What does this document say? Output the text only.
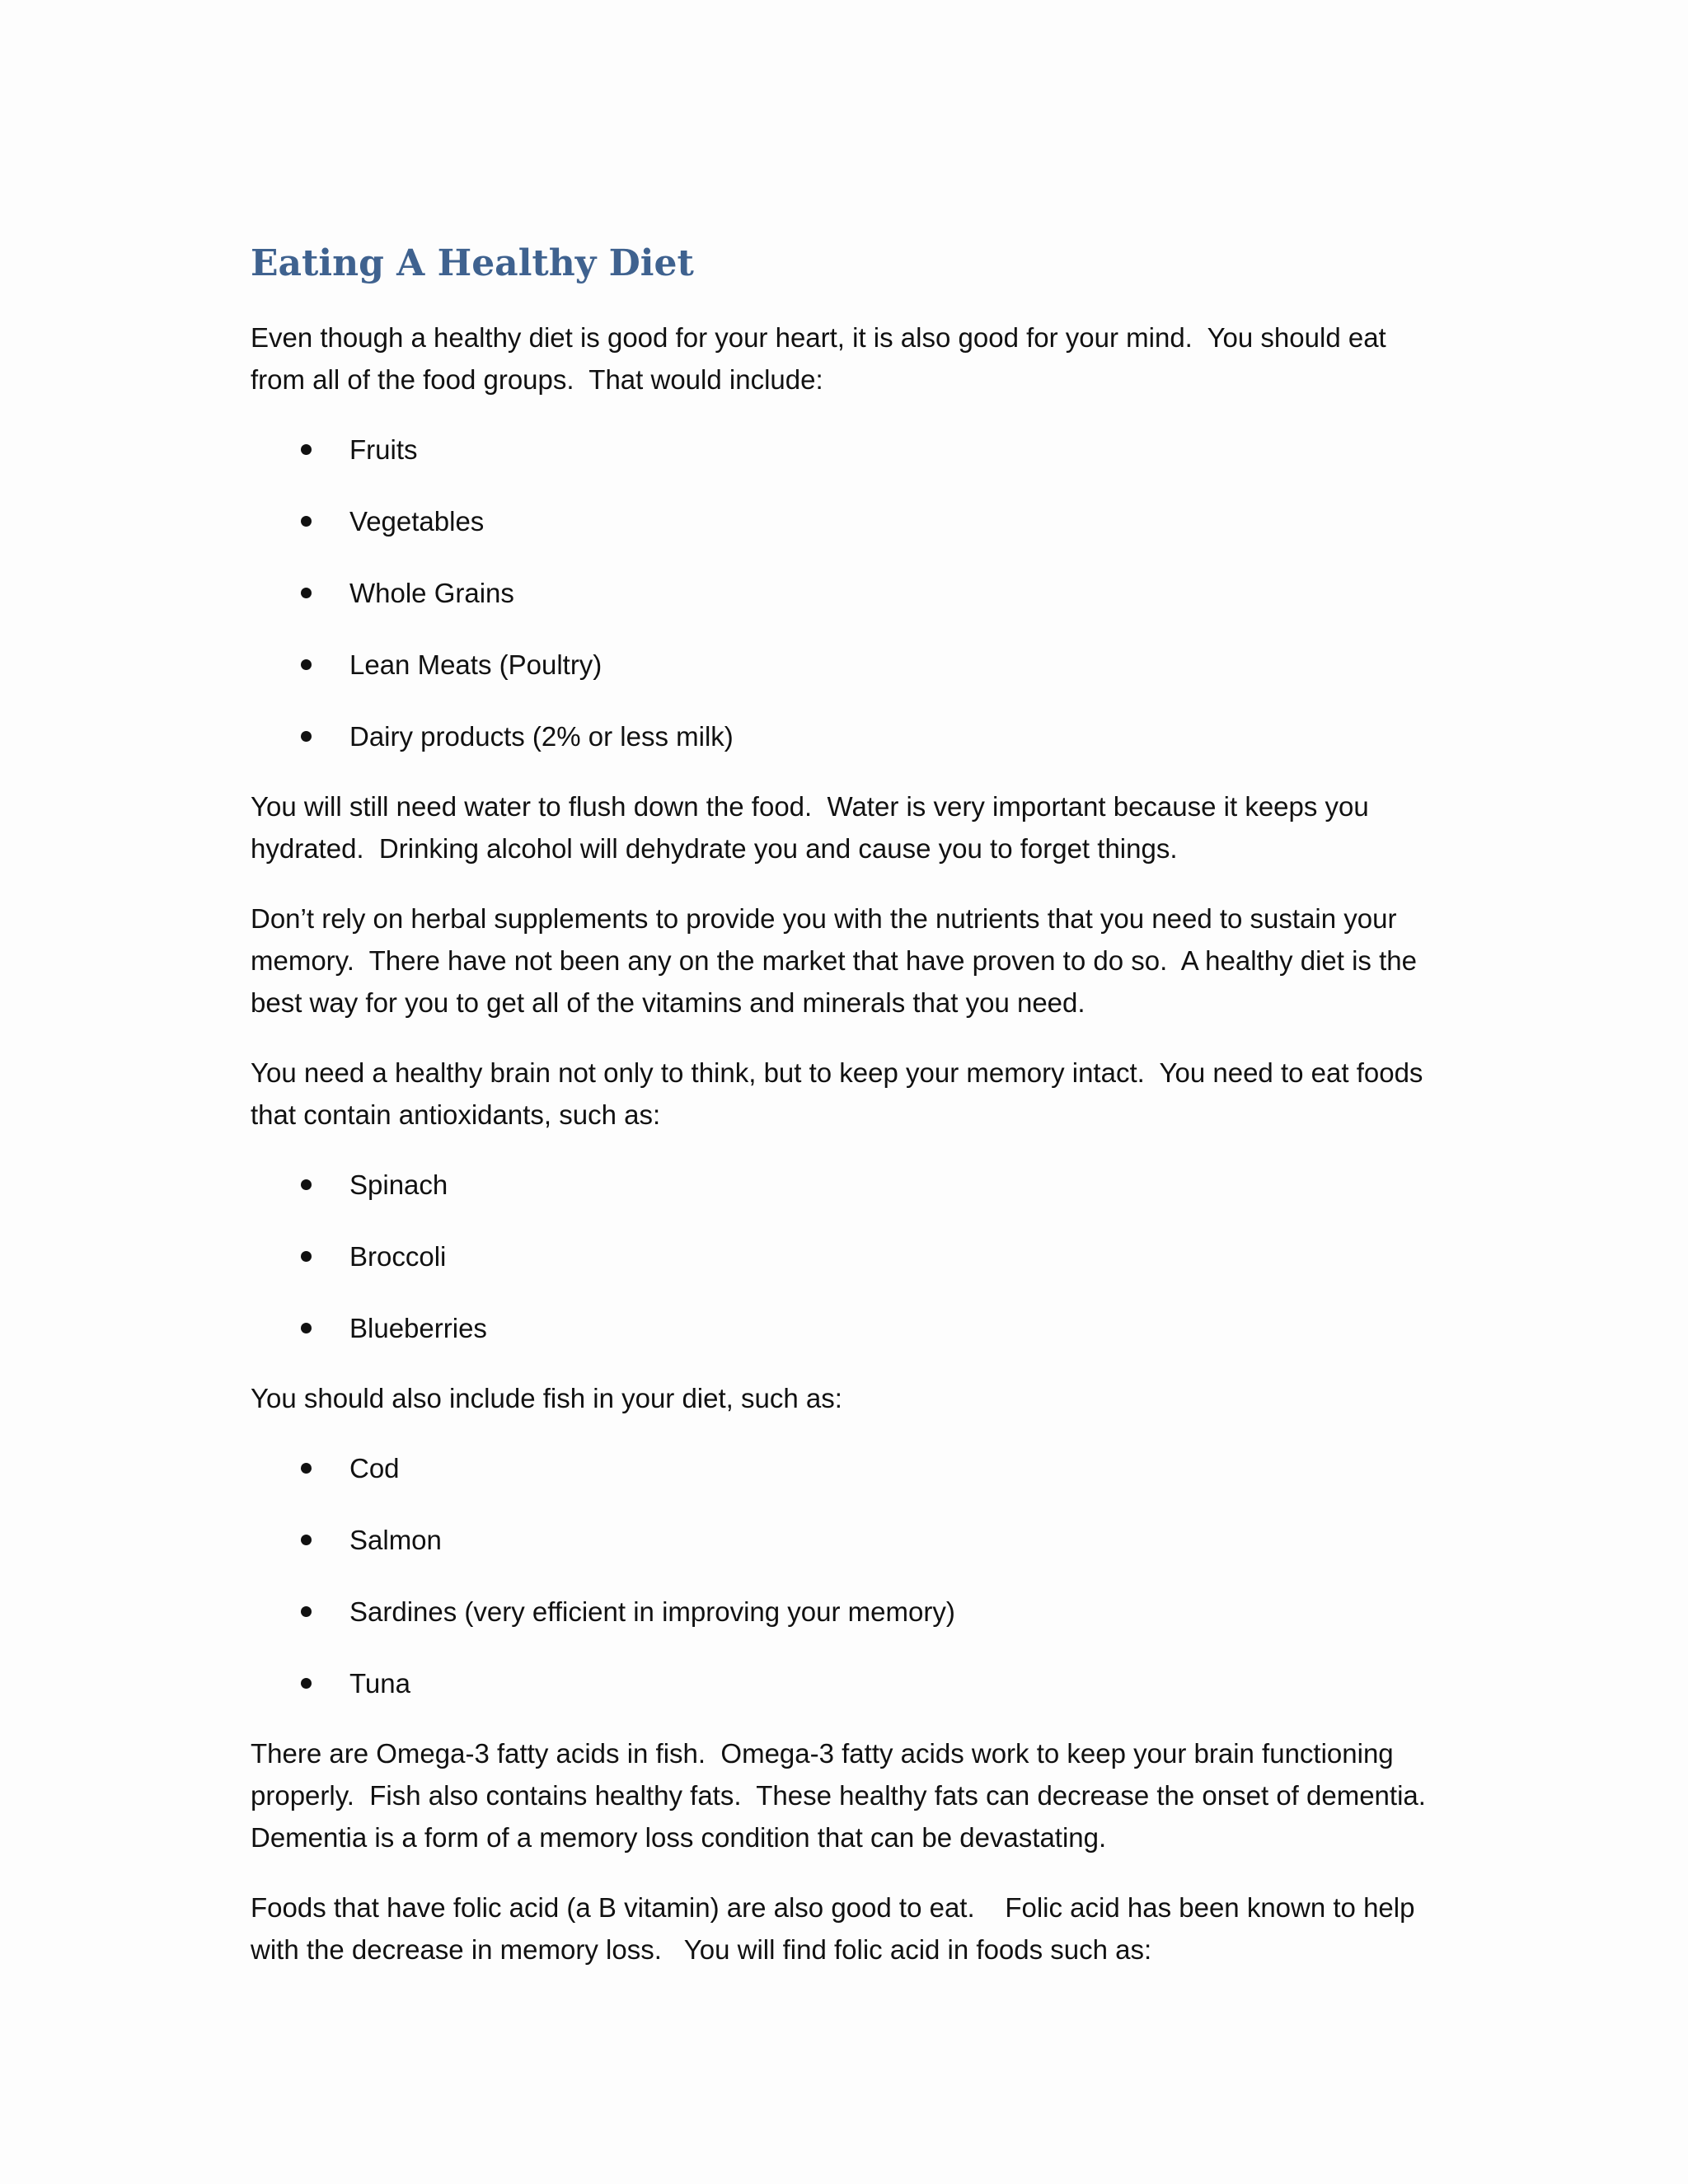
Eating A Healthy Diet

Even though a healthy diet is good for your heart, it is also good for your mind.  You should eat from all of the food groups.  That would include:

Fruits
Vegetables
Whole Grains
Lean Meats (Poultry)
Dairy products (2% or less milk)

You will still need water to flush down the food.  Water is very important because it keeps you hydrated.  Drinking alcohol will dehydrate you and cause you to forget things.

Don’t rely on herbal supplements to provide you with the nutrients that you need to sustain your memory.  There have not been any on the market that have proven to do so.  A healthy diet is the best way for you to get all of the vitamins and minerals that you need.

You need a healthy brain not only to think, but to keep your memory intact.  You need to eat foods that contain antioxidants, such as:

Spinach
Broccoli
Blueberries

You should also include fish in your diet, such as:

Cod
Salmon
Sardines (very efficient in improving your memory)
Tuna

There are Omega-3 fatty acids in fish.  Omega-3 fatty acids work to keep your brain functioning properly.  Fish also contains healthy fats.  These healthy fats can decrease the onset of dementia.  Dementia is a form of a memory loss condition that can be devastating.

Foods that have folic acid (a B vitamin) are also good to eat.    Folic acid has been known to help with the decrease in memory loss.   You will find folic acid in foods such as:
